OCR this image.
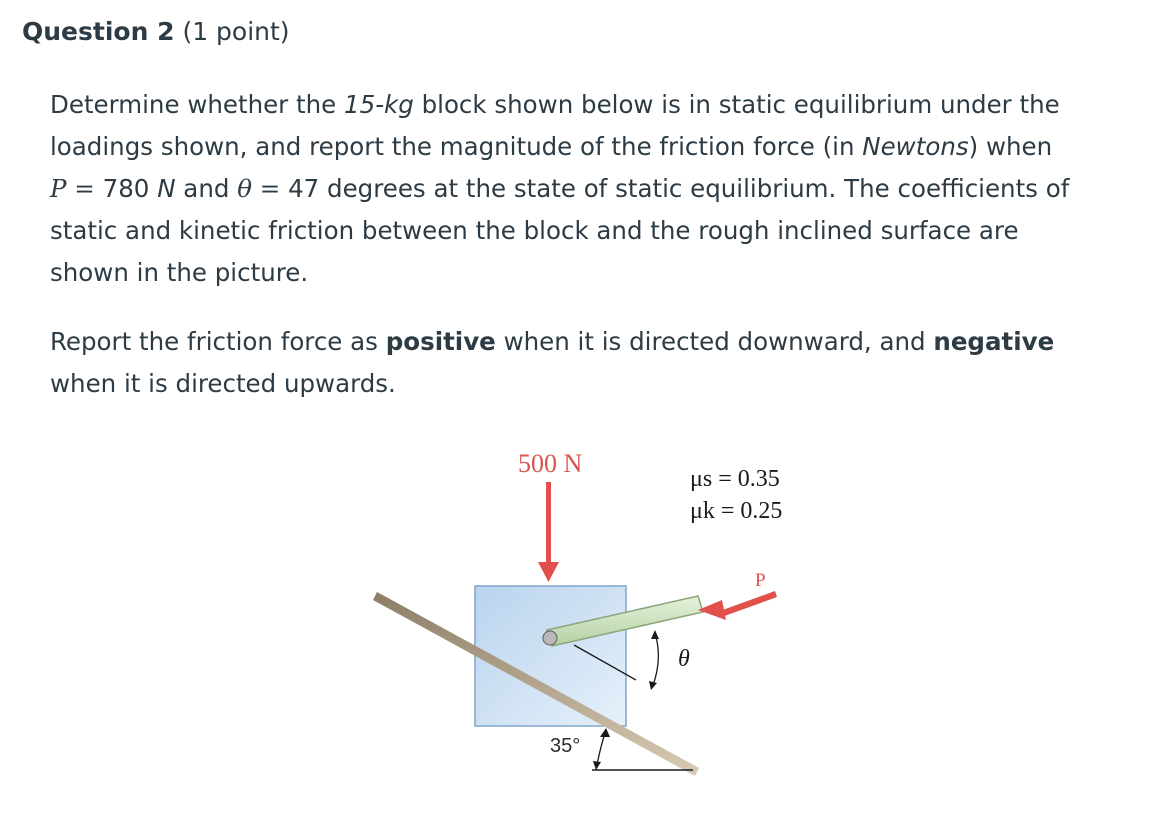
Question 2 (1 point)

Determine whether the 15-kg block shown below is in static equilibrium under the
loadings shown, and report the magnitude of the friction force (in Newtons) when
P = 780 N and θ = 47 degrees at the state of static equilibrium. The coefficients of
static and kinetic friction between the block and the rough inclined surface are
shown in the picture.

Report the friction force as positive when it is directed downward, and negative
when it is directed upwards.

35°
500 N
θ
P
μs = 0.35
μk = 0.25
